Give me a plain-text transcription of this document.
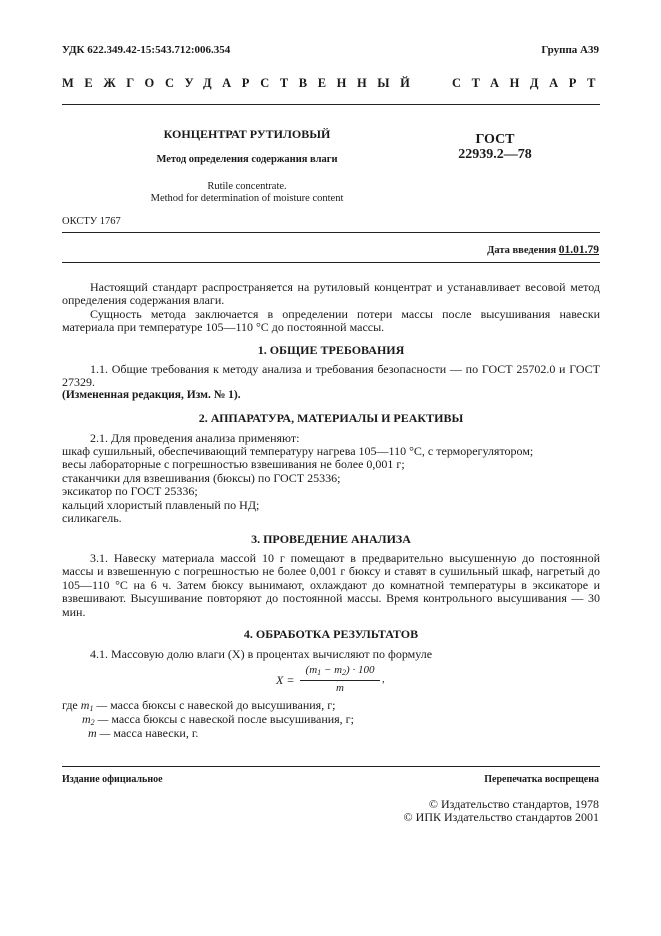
УДК 622.349.42-15:543.712:006.354	Группа А39
МЕЖГОСУДАРСТВЕННЫЙ	СТАНДАРТ
КОНЦЕНТРАТ РУТИЛОВЫЙ
Метод определения содержания влаги
Rutile concentrate.
Method for determination of moisture content
ГОСТ
22939.2—78
ОКСТУ 1767
Дата введения 01.01.79
Настоящий стандарт распространяется на рутиловый концентрат и устанавливает весовой метод определения содержания влаги.
Сущность метода заключается в определении потери массы после высушивания навески материала при температуре 105—110 °С до постоянной массы.
1. ОБЩИЕ ТРЕБОВАНИЯ
1.1. Общие требования к методу анализа и требования безопасности — по ГОСТ 25702.0 и ГОСТ 27329.
(Измененная редакция, Изм. № 1).
2. АППАРАТУРА, МАТЕРИАЛЫ И РЕАКТИВЫ
2.1. Для проведения анализа применяют:
шкаф сушильный, обеспечивающий температуру нагрева 105—110 °С, с терморегулятором;
весы лабораторные с погрешностью взвешивания не более 0,001 г;
стаканчики для взвешивания (бюксы) по ГОСТ 25336;
эксикатор по ГОСТ 25336;
кальций хлористый плавленый по НД;
силикагель.
3. ПРОВЕДЕНИЕ АНАЛИЗА
3.1. Навеску материала массой 10 г помещают в предварительно высушенную до постоянной массы и взвешенную с погрешностью не более 0,001 г бюксу и ставят в сушильный шкаф, нагретый до 105—110 °С на 6 ч. Затем бюксу вынимают, охлаждают до комнатной температуры в эксикаторе и взвешивают. Высушивание повторяют до постоянной массы. Время контрольного высушивания — 30 мин.
4. ОБРАБОТКА РЕЗУЛЬТАТОВ
4.1. Массовую долю влаги (X) в процентах вычисляют по формуле
X =
$(m_1 - m_2) \cdot 100$
m
,
где $m_1$ — масса бюксы с навеской до высушивания, г;
$m_2$ — масса бюксы с навеской после высушивания, г;
m — масса навески, г.
Издание официальное	Перепечатка воспрещена
© Издательство стандартов, 1978
© ИПК Издательство стандартов 2001
